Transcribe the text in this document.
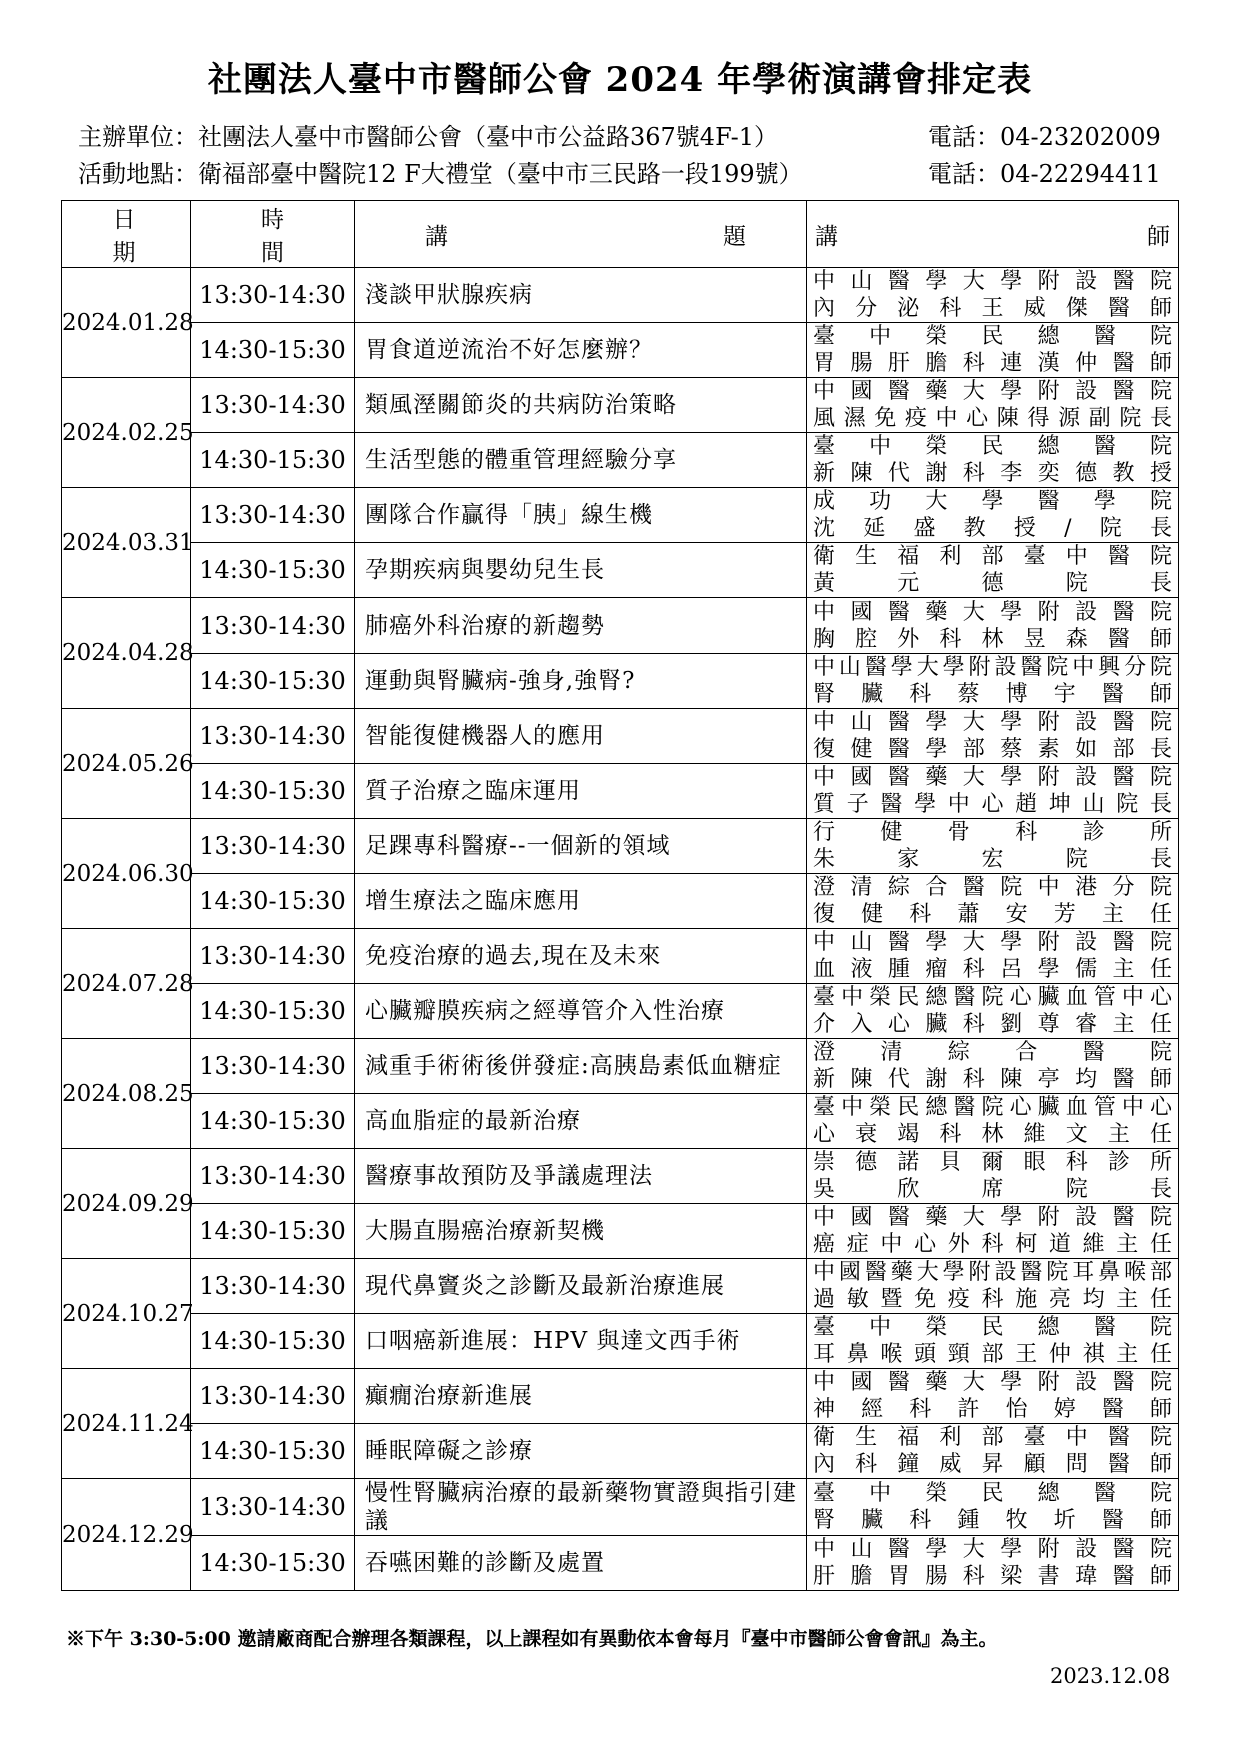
社團法人臺中市醫師公會 2024 年學術演講會排定表
主辦單位：社團法人臺中市醫師公會（臺中市公益路367號4F-1）	電話：04-23202009
活動地點：衛福部臺中醫院12 F大禮堂（臺中市三民路一段199號）	電話：04-22294411
日期	時間	講題	講師
2024.01.28	13:30-14:30	淺談甲狀腺疾病	中山醫學大學附設醫院
內分泌科王威傑醫師

	14:30-15:30	胃食道逆流治不好怎麼辦？	臺中榮民總醫院
胃腸肝膽科連漢仲醫師

2024.02.25	13:30-14:30	類風溼關節炎的共病防治策略	中國醫藥大學附設醫院
風濕免疫中心陳得源副院長

	14:30-15:30	生活型態的體重管理經驗分享	臺中榮民總醫院
新陳代謝科李奕德教授

2024.03.31	13:30-14:30	團隊合作贏得「胰」線生機	成功大學醫學院
沈延盛教授/院長

	14:30-15:30	孕期疾病與嬰幼兒生長	衛生福利部臺中醫院
黃元德院長

2024.04.28	13:30-14:30	肺癌外科治療的新趨勢	中國醫藥大學附設醫院
胸腔外科林昱森醫師

	14:30-15:30	運動與腎臟病-強身,強腎?	中山醫學大學附設醫院中興分院
腎臟科蔡博宇醫師

2024.05.26	13:30-14:30	智能復健機器人的應用	中山醫學大學附設醫院
復健醫學部蔡素如部長

	14:30-15:30	質子治療之臨床運用	中國醫藥大學附設醫院
質子醫學中心趙坤山院長

2024.06.30	13:30-14:30	足踝專科醫療--一個新的領域	行健骨科診所
朱家宏院長

	14:30-15:30	增生療法之臨床應用	澄清綜合醫院中港分院
復健科蕭安芳主任

2024.07.28	13:30-14:30	免疫治療的過去,現在及未來	中山醫學大學附設醫院
血液腫瘤科呂學儒主任

	14:30-15:30	心臟瓣膜疾病之經導管介入性治療	臺中榮民總醫院心臟血管中心
介入心臟科劉尊睿主任

2024.08.25	13:30-14:30	減重手術術後併發症:高胰島素低血糖症	澄清綜合醫院
新陳代謝科陳亭均醫師

	14:30-15:30	高血脂症的最新治療	臺中榮民總醫院心臟血管中心
心衰竭科林維文主任

2024.09.29	13:30-14:30	醫療事故預防及爭議處理法	崇德諾貝爾眼科診所
吳欣席院長

	14:30-15:30	大腸直腸癌治療新契機	中國醫藥大學附設醫院
癌症中心外科柯道維主任

2024.10.27	13:30-14:30	現代鼻竇炎之診斷及最新治療進展	中國醫藥大學附設醫院耳鼻喉部
過敏暨免疫科施亮均主任

	14:30-15:30	口咽癌新進展：HPV 與達文西手術	臺中榮民總醫院
耳鼻喉頭頸部王仲祺主任

2024.11.24	13:30-14:30	癲癇治療新進展	中國醫藥大學附設醫院
神經科許怡婷醫師

	14:30-15:30	睡眠障礙之診療	衛生福利部臺中醫院
內科鐘威昇顧問醫師

2024.12.29	13:30-14:30	慢性腎臟病治療的最新藥物實證與指引建議	臺中榮民總醫院
腎臟科鍾牧圻醫師

	14:30-15:30	吞嚥困難的診斷及處置	中山醫學大學附設醫院
肝膽胃腸科梁書瑋醫師
※下午 3:30-5:00 邀請廠商配合辦理各類課程，以上課程如有異動依本會每月『臺中市醫師公會會訊』為主。
2023.12.08
